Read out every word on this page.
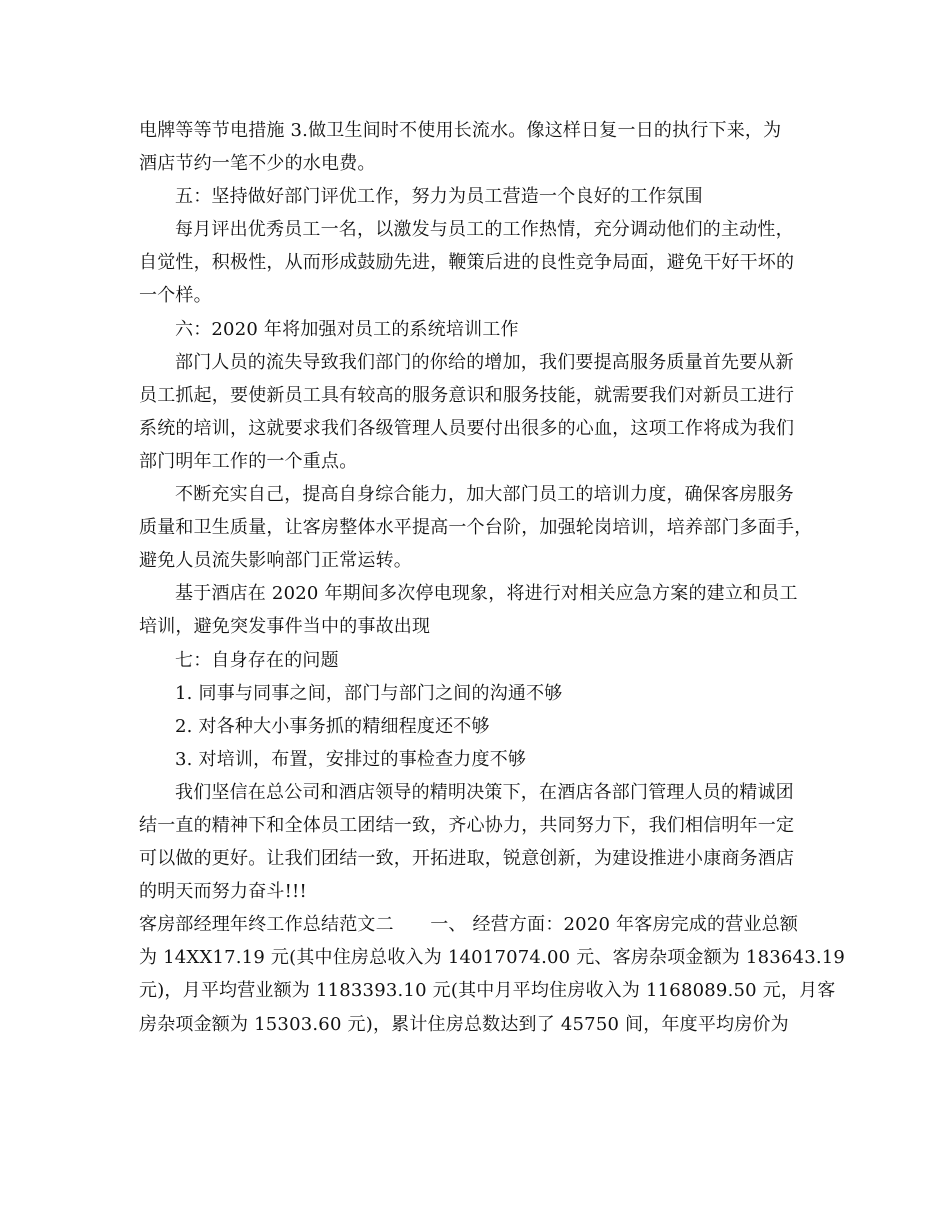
电牌等等节电措施 3.做卫生间时不使用长流水。像这样日复一日的执行下来，为
酒店节约一笔不少的水电费。
五：坚持做好部门评优工作，努力为员工营造一个良好的工作氛围
每月评出优秀员工一名，以激发与员工的工作热情，充分调动他们的主动性，
自觉性，积极性，从而形成鼓励先进，鞭策后进的良性竞争局面，避免干好干坏的
一个样。
六：2020 年将加强对员工的系统培训工作
部门人员的流失导致我们部门的你给的增加，我们要提高服务质量首先要从新
员工抓起，要使新员工具有较高的服务意识和服务技能，就需要我们对新员工进行
系统的培训，这就要求我们各级管理人员要付出很多的心血，这项工作将成为我们
部门明年工作的一个重点。
不断充实自己，提高自身综合能力，加大部门员工的培训力度，确保客房服务
质量和卫生质量，让客房整体水平提高一个台阶，加强轮岗培训，培养部门多面手，
避免人员流失影响部门正常运转。
基于酒店在 2020 年期间多次停电现象，将进行对相关应急方案的建立和员工
培训，避免突发事件当中的事故出现
七：自身存在的问题
1. 同事与同事之间，部门与部门之间的沟通不够
2. 对各种大小事务抓的精细程度还不够
3. 对培训，布置，安排过的事检查力度不够
我们坚信在总公司和酒店领导的精明决策下，在酒店各部门管理人员的精诚团
结一直的精神下和全体员工团结一致，齐心协力，共同努力下，我们相信明年一定
可以做的更好。让我们团结一致，开拓进取，锐意创新，为建设推进小康商务酒店
的明天而努力奋斗!!!
客房部经理年终工作总结范文二　　一、 经营方面：2020 年客房完成的营业总额
为 14XX17.19 元(其中住房总收入为 14017074.00 元、客房杂项金额为 183643.19
元)，月平均营业额为 1183393.10 元(其中月平均住房收入为 1168089.50 元，月客
房杂项金额为 15303.60 元)，累计住房总数达到了 45750 间，年度平均房价为
